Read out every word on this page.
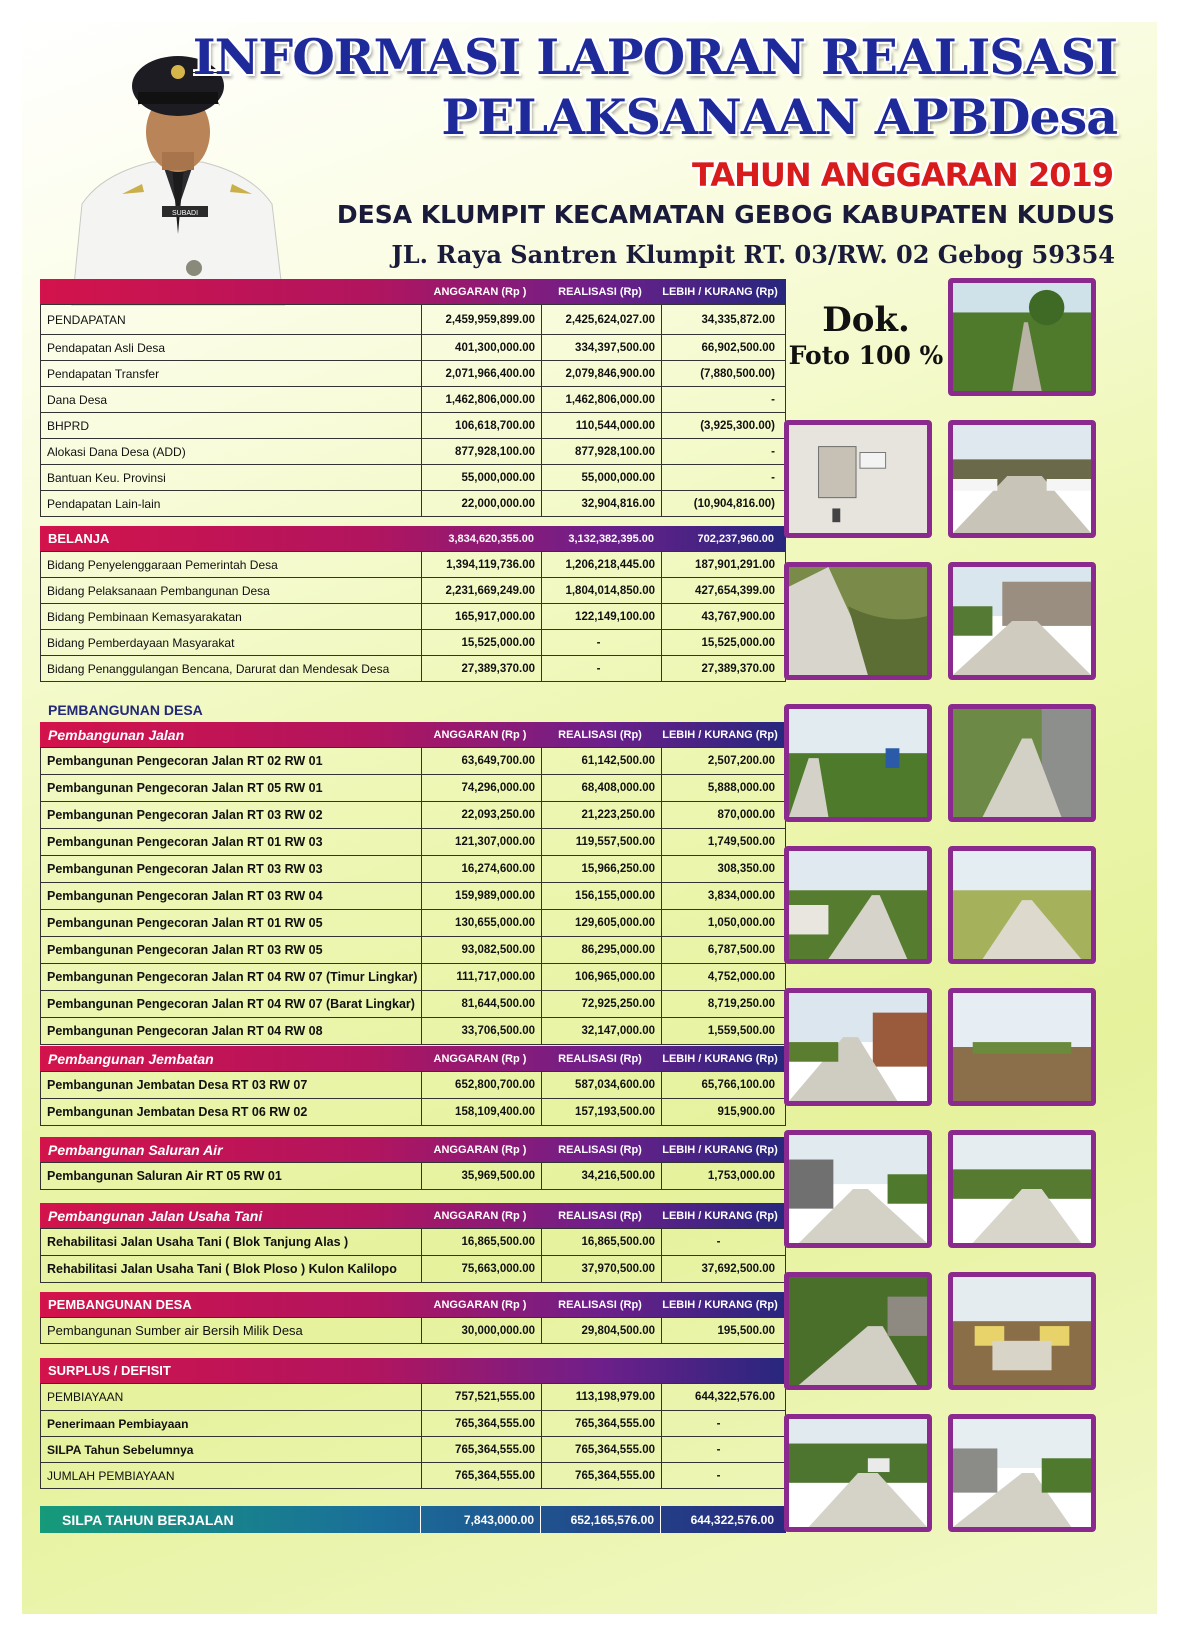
SUBADI
INFORMASI LAPORAN REALISASI
PELAKSANAAN APBDesa
TAHUN ANGGARAN 2019
DESA KLUMPIT KECAMATAN GEBOG KABUPATEN KUDUS
JL. Raya Santren Klumpit RT. 03/RW. 02 Gebog 59354
ANGGARAN (Rp )	REALISASI (Rp)	LEBIH / KURANG (Rp)
PENDAPATAN	2,459,959,899.00	2,425,624,027.00	34,335,872.00
Pendapatan Asli Desa	401,300,000.00	334,397,500.00	66,902,500.00
Pendapatan Transfer	2,071,966,400.00	2,079,846,900.00	(7,880,500.00)
Dana Desa	1,462,806,000.00	1,462,806,000.00	-
BHPRD	106,618,700.00	110,544,000.00	(3,925,300.00)
Alokasi Dana Desa (ADD)	877,928,100.00	877,928,100.00	-
Bantuan Keu. Provinsi	55,000,000.00	55,000,000.00	-
Pendapatan Lain-lain	22,000,000.00	32,904,816.00	(10,904,816.00)
BELANJA	3,834,620,355.00	3,132,382,395.00	702,237,960.00
Bidang Penyelenggaraan Pemerintah Desa	1,394,119,736.00	1,206,218,445.00	187,901,291.00
Bidang Pelaksanaan Pembangunan Desa	2,231,669,249.00	1,804,014,850.00	427,654,399.00
Bidang Pembinaan Kemasyarakatan	165,917,000.00	122,149,100.00	43,767,900.00
Bidang Pemberdayaan Masyarakat	15,525,000.00	-	15,525,000.00
Bidang Penanggulangan Bencana, Darurat dan Mendesak Desa	27,389,370.00	-	27,389,370.00
PEMBANGUNAN DESA
Pembangunan Jalan	ANGGARAN (Rp )	REALISASI (Rp)	LEBIH / KURANG (Rp)
Pembangunan Pengecoran Jalan RT 02 RW 01	63,649,700.00	61,142,500.00	2,507,200.00
Pembangunan Pengecoran Jalan RT 05 RW 01	74,296,000.00	68,408,000.00	5,888,000.00
Pembangunan Pengecoran Jalan RT 03 RW 02	22,093,250.00	21,223,250.00	870,000.00
Pembangunan Pengecoran Jalan RT 01 RW 03	121,307,000.00	119,557,500.00	1,749,500.00
Pembangunan Pengecoran Jalan RT 03 RW 03	16,274,600.00	15,966,250.00	308,350.00
Pembangunan Pengecoran Jalan RT 03 RW 04	159,989,000.00	156,155,000.00	3,834,000.00
Pembangunan Pengecoran Jalan RT 01 RW 05	130,655,000.00	129,605,000.00	1,050,000.00
Pembangunan Pengecoran Jalan RT 03 RW 05	93,082,500.00	86,295,000.00	6,787,500.00
Pembangunan Pengecoran Jalan RT 04 RW 07 (Timur Lingkar)	111,717,000.00	106,965,000.00	4,752,000.00
Pembangunan Pengecoran Jalan RT 04 RW 07 (Barat Lingkar)	81,644,500.00	72,925,250.00	8,719,250.00
Pembangunan Pengecoran Jalan RT 04 RW 08	33,706,500.00	32,147,000.00	1,559,500.00
Pembangunan Jembatan	ANGGARAN (Rp )	REALISASI (Rp)	LEBIH / KURANG (Rp)
Pembangunan Jembatan Desa RT 03 RW 07	652,800,700.00	587,034,600.00	65,766,100.00
Pembangunan Jembatan Desa RT 06 RW 02	158,109,400.00	157,193,500.00	915,900.00
Pembangunan Saluran Air	ANGGARAN (Rp )	REALISASI (Rp)	LEBIH / KURANG (Rp)
Pembangunan Saluran Air RT 05 RW 01	35,969,500.00	34,216,500.00	1,753,000.00
Pembangunan Jalan Usaha Tani	ANGGARAN (Rp )	REALISASI (Rp)	LEBIH / KURANG (Rp)
Rehabilitasi Jalan Usaha Tani ( Blok Tanjung Alas )	16,865,500.00	16,865,500.00	-
Rehabilitasi Jalan Usaha Tani ( Blok Ploso ) Kulon Kalilopo	75,663,000.00	37,970,500.00	37,692,500.00
PEMBANGUNAN DESA	ANGGARAN (Rp )	REALISASI (Rp)	LEBIH / KURANG (Rp)
Pembangunan Sumber air Bersih Milik Desa	30,000,000.00	29,804,500.00	195,500.00
SURPLUS / DEFISIT
PEMBIAYAAN	757,521,555.00	113,198,979.00	644,322,576.00
Penerimaan Pembiayaan	765,364,555.00	765,364,555.00	-
SILPA Tahun Sebelumnya	765,364,555.00	765,364,555.00	-
JUMLAH PEMBIAYAAN	765,364,555.00	765,364,555.00	-
SILPA TAHUN BERJALAN	7,843,000.00	652,165,576.00	644,322,576.00
Dok.
Foto 100 %
